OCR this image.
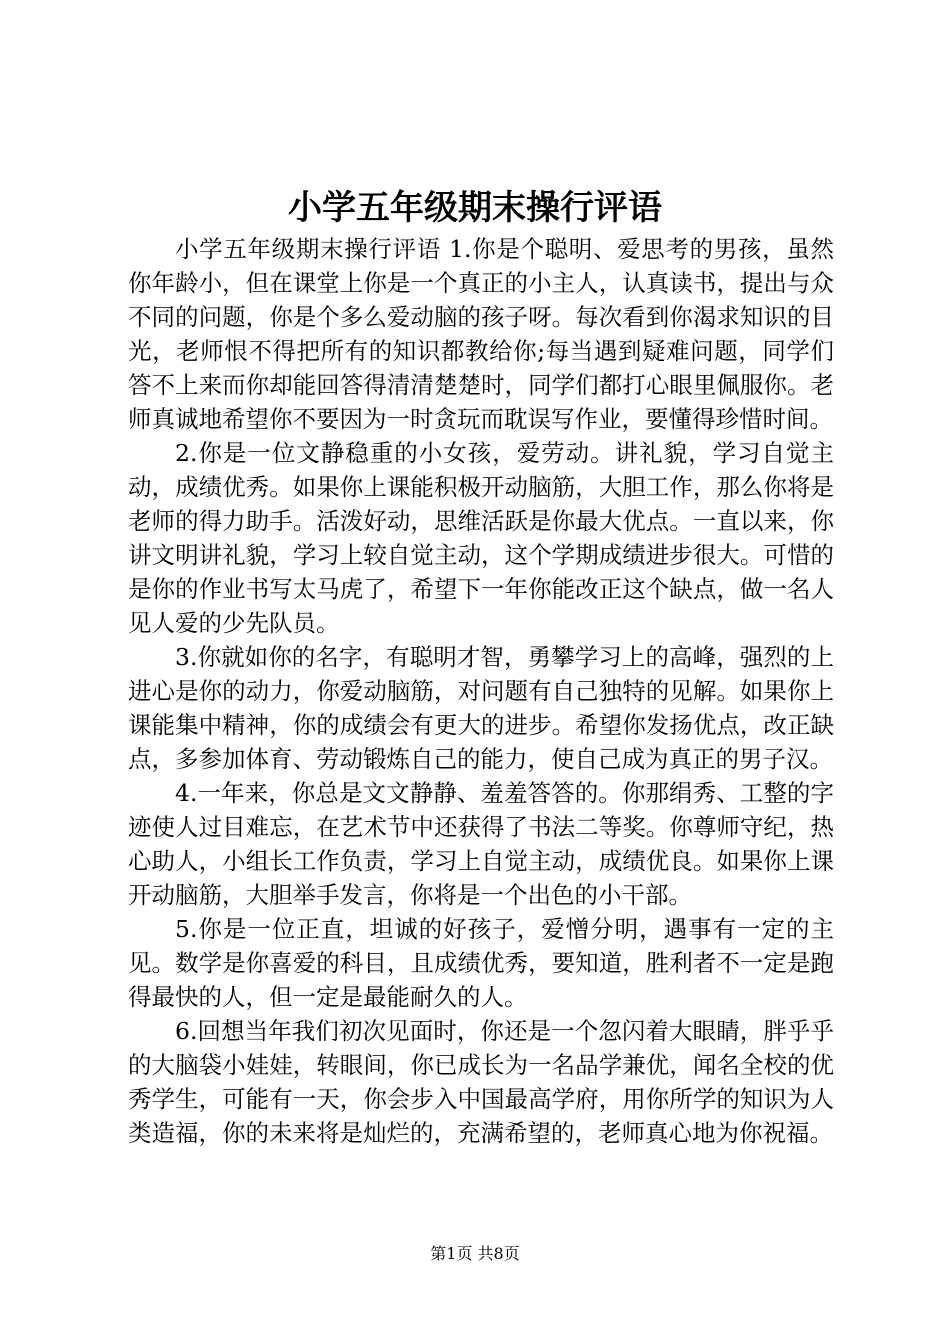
小学五年级期末操行评语

小学五年级期末操行评语 1.你是个聪明、爱思考的男孩，虽然你年龄小，但在课堂上你是一个真正的小主人，认真读书，提出与众不同的问题，你是个多么爱动脑的孩子呀。每次看到你渴求知识的目光，老师恨不得把所有的知识都教给你;每当遇到疑难问题，同学们答不上来而你却能回答得清清楚楚时，同学们都打心眼里佩服你。老师真诚地希望你不要因为一时贪玩而耽误写作业，要懂得珍惜时间。

2.你是一位文静稳重的小女孩，爱劳动。讲礼貌，学习自觉主动，成绩优秀。如果你上课能积极开动脑筋，大胆工作，那么你将是老师的得力助手。活泼好动，思维活跃是你最大优点。一直以来，你讲文明讲礼貌，学习上较自觉主动，这个学期成绩进步很大。可惜的是你的作业书写太马虎了，希望下一年你能改正这个缺点，做一名人见人爱的少先队员。

3.你就如你的名字，有聪明才智，勇攀学习上的高峰，强烈的上进心是你的动力，你爱动脑筋，对问题有自己独特的见解。如果你上课能集中精神，你的成绩会有更大的进步。希望你发扬优点，改正缺点，多参加体育、劳动锻炼自己的能力，使自己成为真正的男子汉。

4.一年来，你总是文文静静、羞羞答答的。你那绢秀、工整的字迹使人过目难忘，在艺术节中还获得了书法二等奖。你尊师守纪，热心助人，小组长工作负责，学习上自觉主动，成绩优良。如果你上课开动脑筋，大胆举手发言，你将是一个出色的小干部。

5.你是一位正直，坦诚的好孩子，爱憎分明，遇事有一定的主见。数学是你喜爱的科目，且成绩优秀，要知道，胜利者不一定是跑得最快的人，但一定是最能耐久的人。

6.回想当年我们初次见面时，你还是一个忽闪着大眼睛，胖乎乎的大脑袋小娃娃，转眼间，你已成长为一名品学兼优，闻名全校的优秀学生，可能有一天，你会步入中国最高学府，用你所学的知识为人类造福，你的未来将是灿烂的，充满希望的，老师真心地为你祝福。

第1页 共8页
